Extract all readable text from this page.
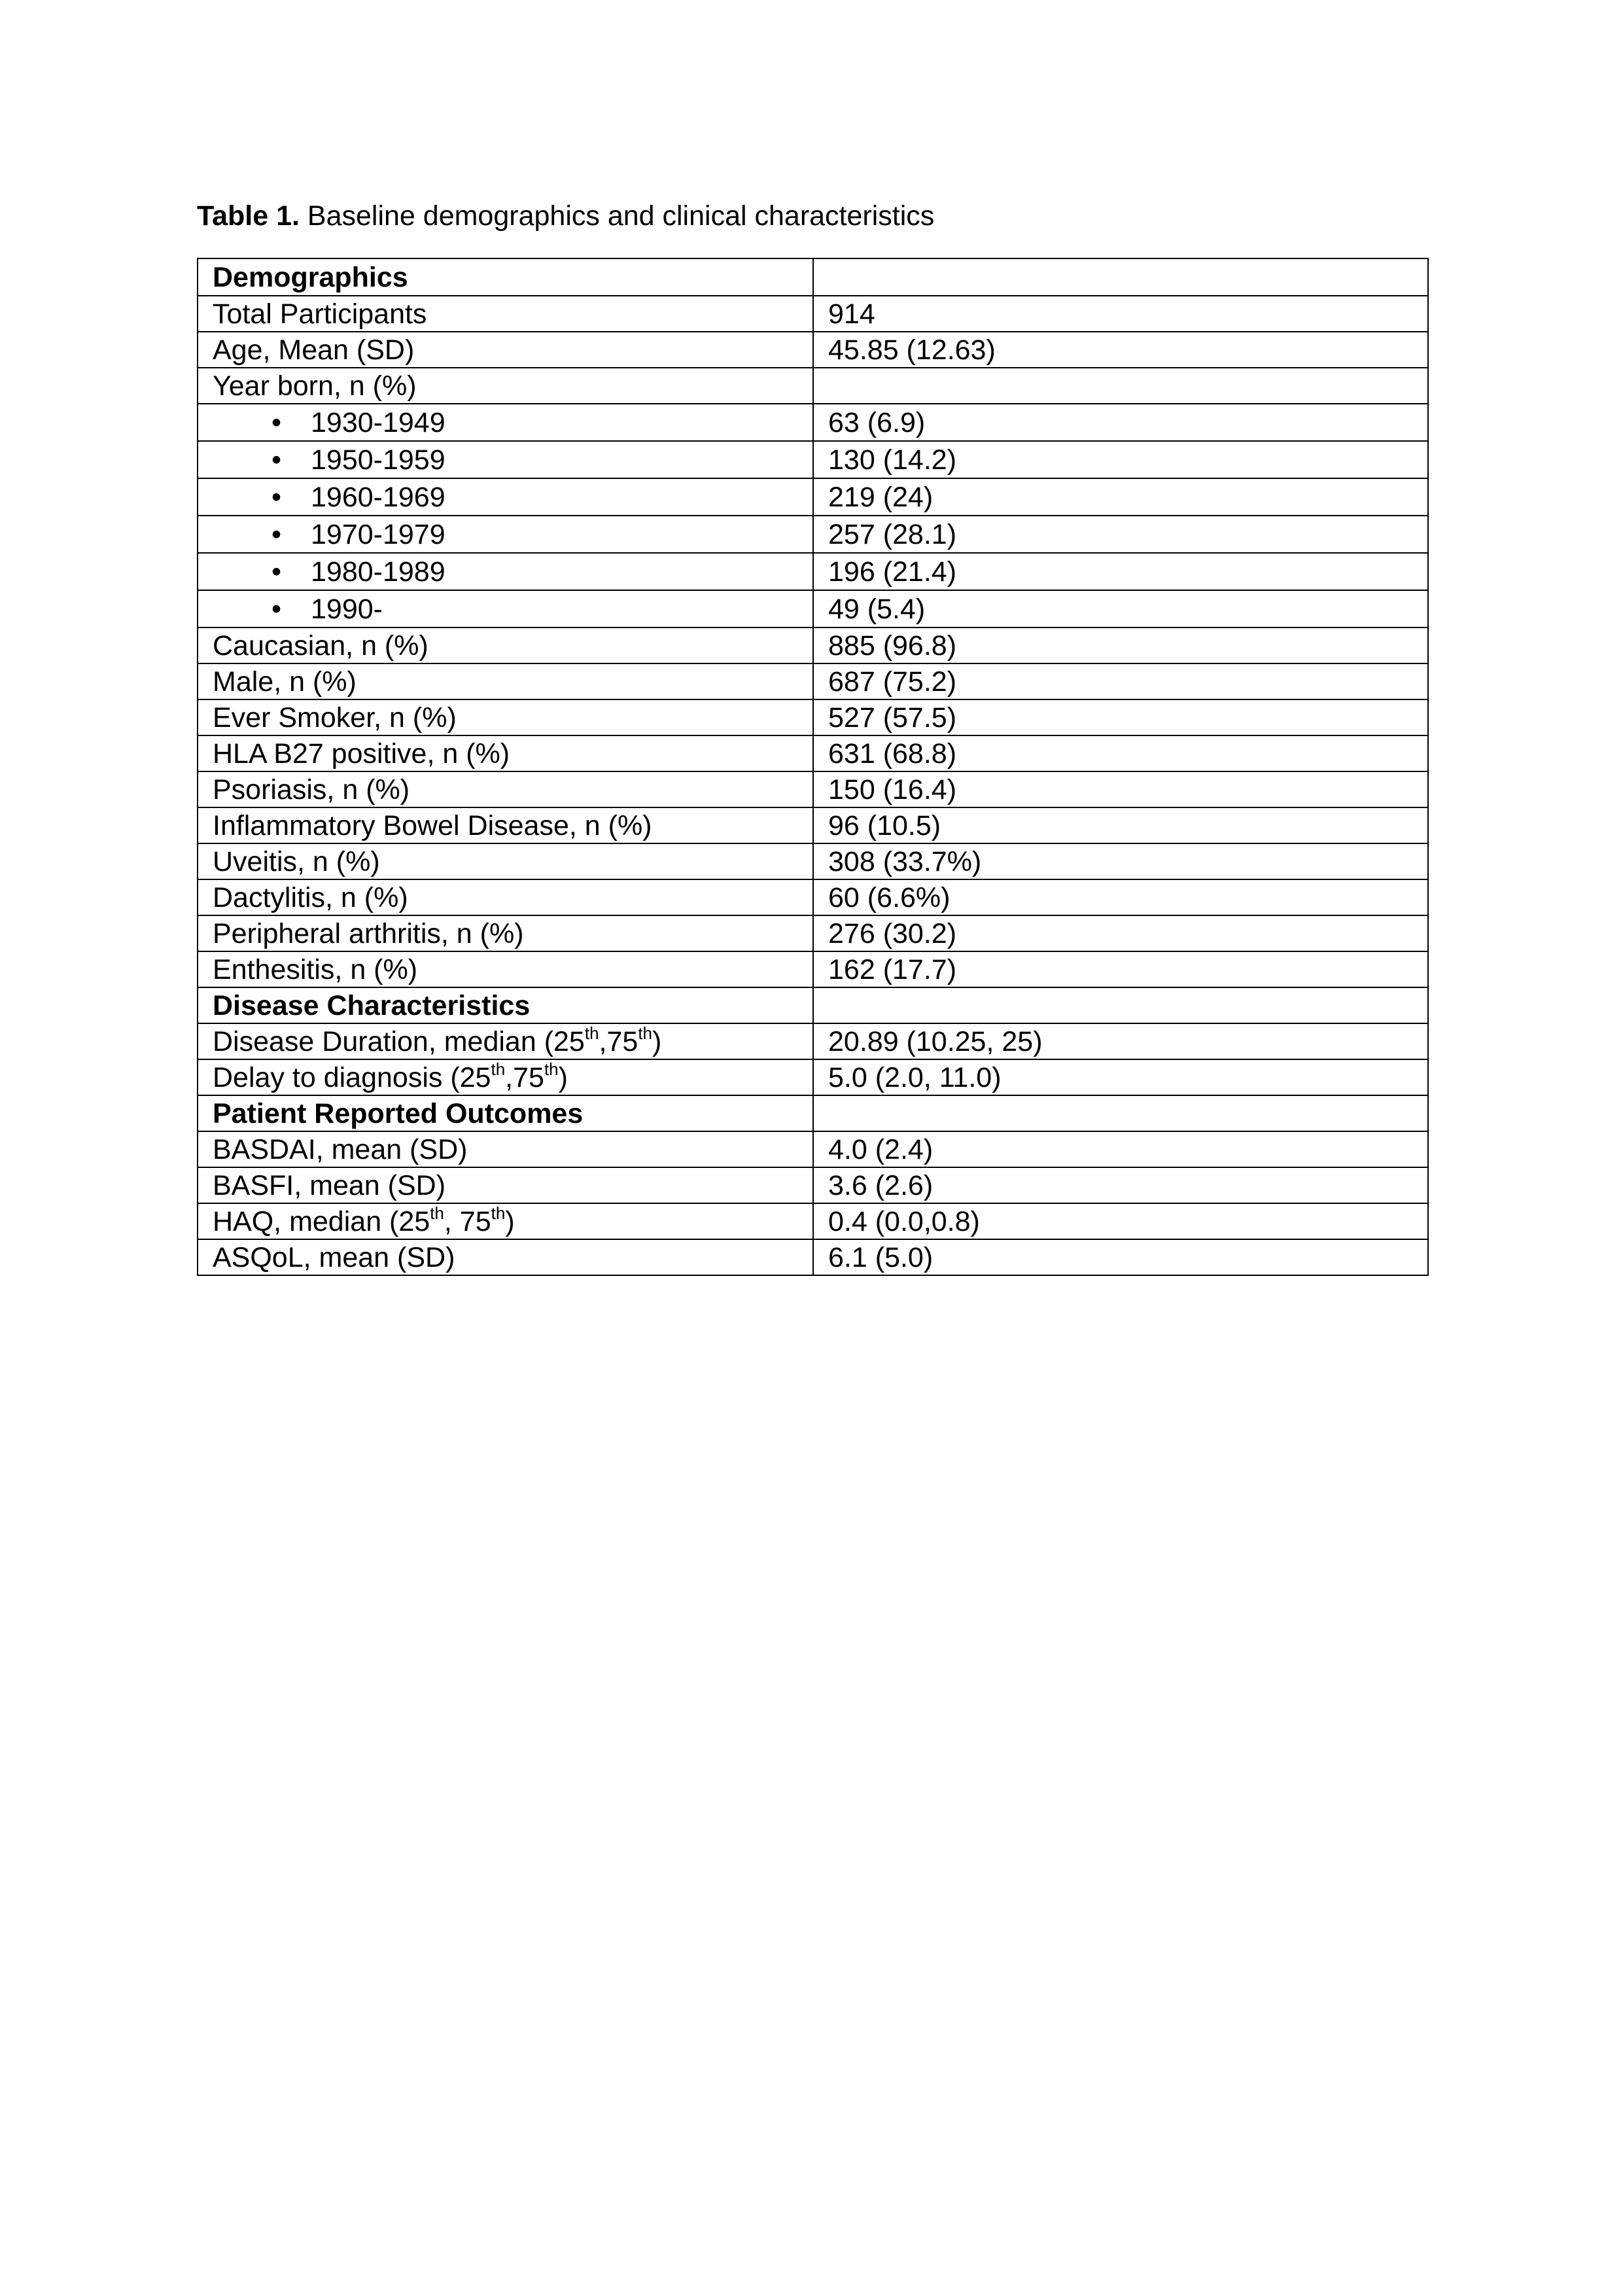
Table 1. Baseline demographics and clinical characteristics
Demographics	
Total Participants	914
Age, Mean (SD)	45.85 (12.63)
Year born, n (%)	
• 1930-1949	63 (6.9)
• 1950-1959	130 (14.2)
• 1960-1969	219 (24)
• 1970-1979	257 (28.1)
• 1980-1989	196 (21.4)
• 1990-	49 (5.4)
Caucasian, n (%)	885 (96.8)
Male, n (%)	687 (75.2)
Ever Smoker, n (%)	527 (57.5)
HLA B27 positive, n (%)	631 (68.8)
Psoriasis, n (%)	150 (16.4)
Inflammatory Bowel Disease, n (%)	96 (10.5)
Uveitis, n (%)	308 (33.7%)
Dactylitis, n (%)	60 (6.6%)
Peripheral arthritis, n (%)	276 (30.2)
Enthesitis, n (%)	162 (17.7)
Disease Characteristics	
Disease Duration, median (25th,75th)	20.89 (10.25, 25)
Delay to diagnosis (25th,75th)	5.0 (2.0, 11.0)
Patient Reported Outcomes	
BASDAI, mean (SD)	4.0 (2.4)
BASFI, mean (SD)	3.6 (2.6)
HAQ, median (25th, 75th)	0.4 (0.0,0.8)
ASQoL, mean (SD)	6.1 (5.0)
